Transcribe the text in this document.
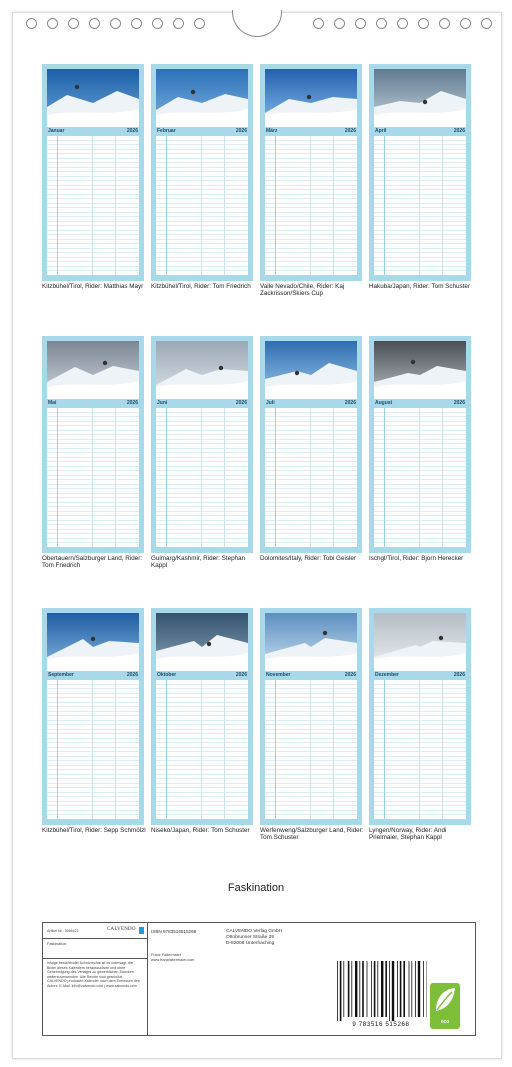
Januar	2026
Kitzbühel/Tirol, Rider: Matthias Mayr
Februar	2026
Kitzbühel/Tirol, Rider: Tom Friedrich
März	2026
Valle Nevado/Chile, Rider: Kaj Zackrisson/Skiers Cup
April	2026
Hakuba/Japan, Rider: Tom Schuster
Mai	2026
Obertauern/Salzburger Land, Rider: Tom Friedrich
Juni	2026
Gulmarg/Kashmir, Rider: Stephan Kappl
Juli	2026
Dolomites/Italy, Rider: Tobi Geisler
August	2026
Ischgl/Tirol, Rider: Bjorn Herecker
September	2026
Kitzbühel/Tirol, Rider: Sepp Schmölzl
Oktober	2026
Niseko/Japan, Rider: Tom Schuster
November	2026
Werfenweng/Salzburger Land, Rider: Tom Schuster
Dezember	2026
Lyngen/Norway, Rider: Andi Prielmaier, Stephan Kappl
Faskination
Artikel Nr.: 3566421	CALVENDO
Faskination
Infolge bestehender Schutzrechte ist es untersagt, die Bilder dieses Kalenders herauszulösen und ohne Genehmigung des Verlages zu gewerblichen Zwecken weiterzuverwenden. Alle Rechte sind geschützt. CALVENDO produziert Kalender nach dem Ermessen des Autors. E-Mail: info@calvendo.com | www.calvendo.com
ISBN 9783516515268
Franz Faltermaier
www.franzfaltermaier.com
CALVENDO Verlag GmbH
Ottobrunner Straße 39
D-82008 Unterhaching
9 783516 515268	eco
